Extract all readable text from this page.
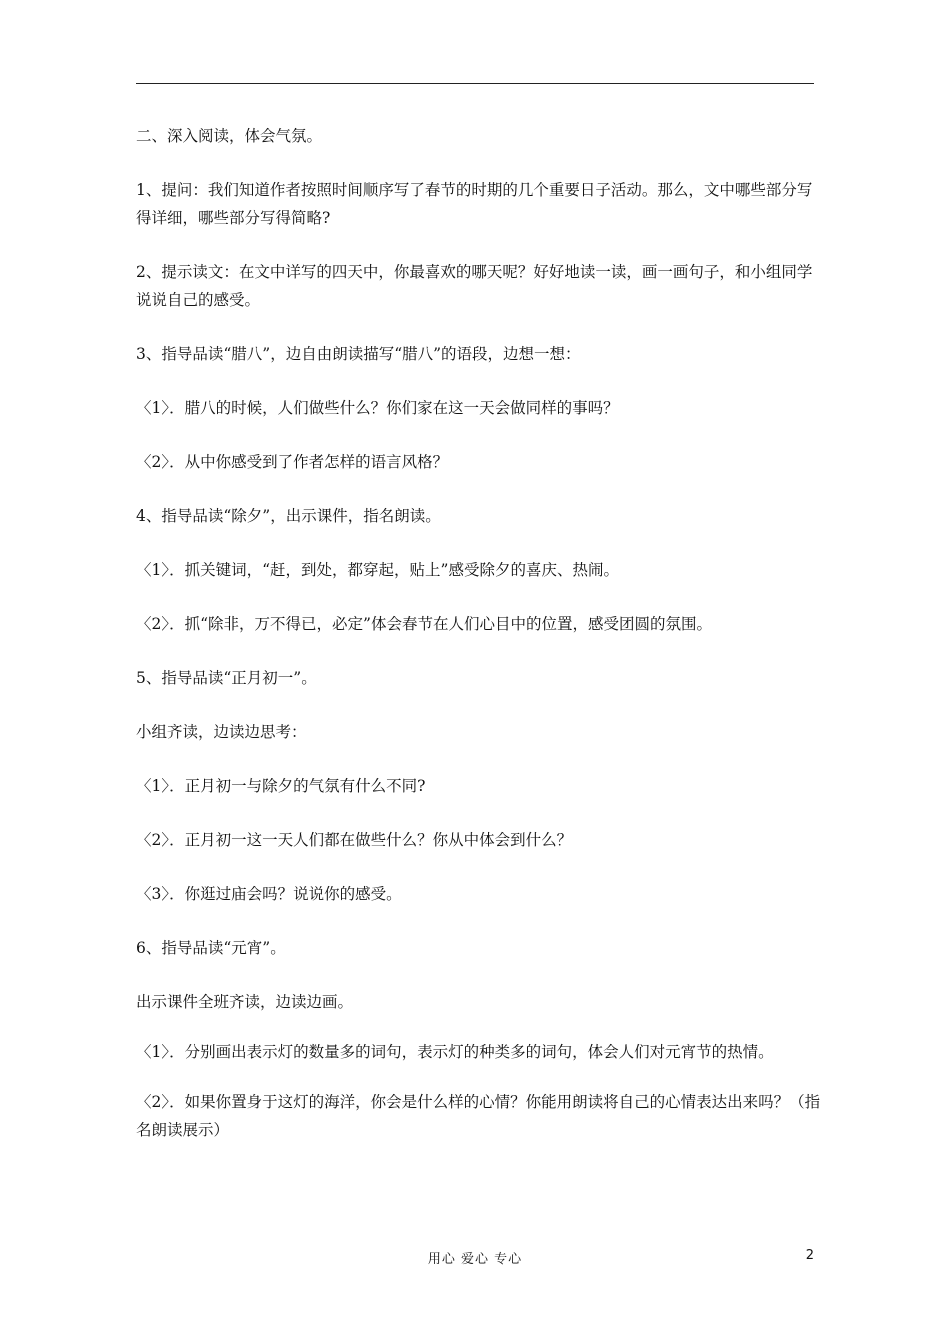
二、深入阅读，体会气氛。

1、提问：我们知道作者按照时间顺序写了春节的时期的几个重要日子活动。那么，文中哪些部分写得详细，哪些部分写得简略?

2、提示读文：在文中详写的四天中，你最喜欢的哪天呢？好好地读一读，画一画句子，和小组同学说说自己的感受。

3、指导品读“腊八”，边自由朗读描写“腊八”的语段，边想一想：

〈1〉．腊八的时候，人们做些什么？你们家在这一天会做同样的事吗？

〈2〉．从中你感受到了作者怎样的语言风格？

4、指导品读“除夕”，出示课件，指名朗读。

〈1〉．抓关键词，“赶，到处，都穿起，贴上”感受除夕的喜庆、热闹。

〈2〉．抓“除非，万不得已，必定”体会春节在人们心目中的位置，感受团圆的氛围。

5、指导品读“正月初一”。

小组齐读，边读边思考：

〈1〉．正月初一与除夕的气氛有什么不同?

〈2〉．正月初一这一天人们都在做些什么？你从中体会到什么？

〈3〉．你逛过庙会吗？说说你的感受。

6、指导品读“元宵”。

出示课件全班齐读，边读边画。

〈1〉．分别画出表示灯的数量多的词句，表示灯的种类多的词句，体会人们对元宵节的热情。

〈2〉．如果你置身于这灯的海洋，你会是什么样的心情？你能用朗读将自己的心情表达出来吗？（指名朗读展示）

用心 爱心 专心	2
